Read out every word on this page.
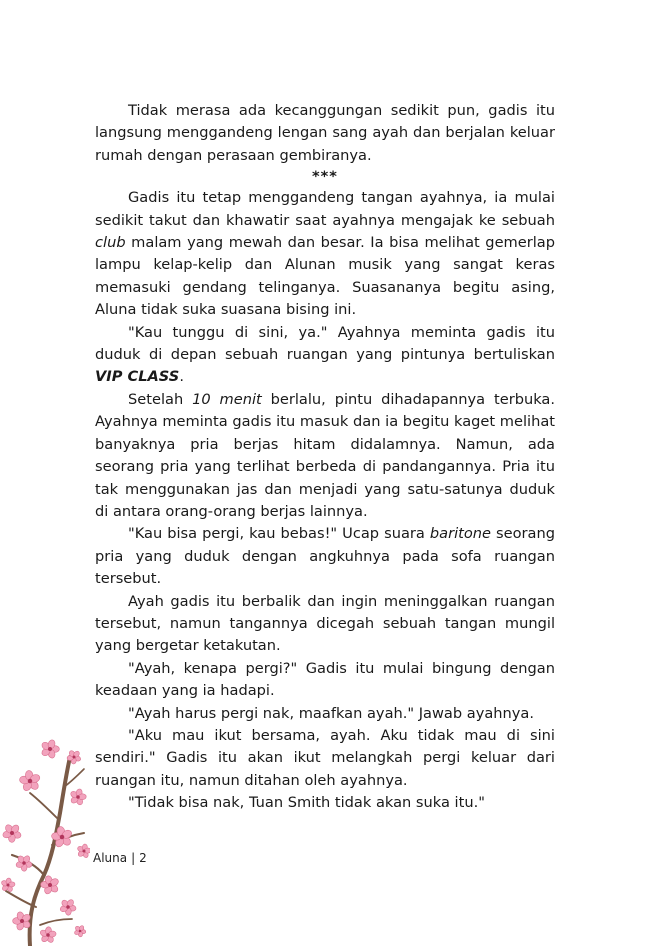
Tidak merasa ada kecanggungan sedikit pun, gadis itu langsung menggandeng lengan sang ayah dan berjalan keluar rumah dengan perasaan gembiranya.

***

Gadis itu tetap menggandeng tangan ayahnya, ia mulai sedikit takut dan khawatir saat ayahnya mengajak ke sebuah club malam yang mewah dan besar. Ia bisa melihat gemerlap lampu kelap-kelip dan Alunan musik yang sangat keras memasuki gendang telinganya. Suasananya begitu asing, Aluna tidak suka suasana bising ini.

"Kau tunggu di sini, ya." Ayahnya meminta gadis itu duduk di depan sebuah ruangan yang pintunya bertuliskan VIP CLASS.

Setelah 10 menit berlalu, pintu dihadapannya terbuka. Ayahnya meminta gadis itu masuk dan ia begitu kaget melihat banyaknya pria berjas hitam didalamnya. Namun, ada seorang pria yang terlihat berbeda di pandangannya. Pria itu tak menggunakan jas dan menjadi yang satu-satunya duduk di antara orang-orang berjas lainnya.

"Kau bisa pergi, kau bebas!" Ucap suara baritone seorang pria yang duduk dengan angkuhnya pada sofa ruangan tersebut.

Ayah gadis itu berbalik dan ingin meninggalkan ruangan tersebut, namun tangannya dicegah sebuah tangan mungil yang bergetar ketakutan.

"Ayah, kenapa pergi?" Gadis itu mulai bingung dengan keadaan yang ia hadapi.

"Ayah harus pergi nak, maafkan ayah." Jawab ayahnya.

"Aku mau ikut bersama, ayah. Aku tidak mau di sini sendiri." Gadis itu akan ikut melangkah pergi keluar dari ruangan itu, namun ditahan oleh ayahnya.

"Tidak bisa nak, Tuan Smith tidak akan suka itu."

Aluna | 2
